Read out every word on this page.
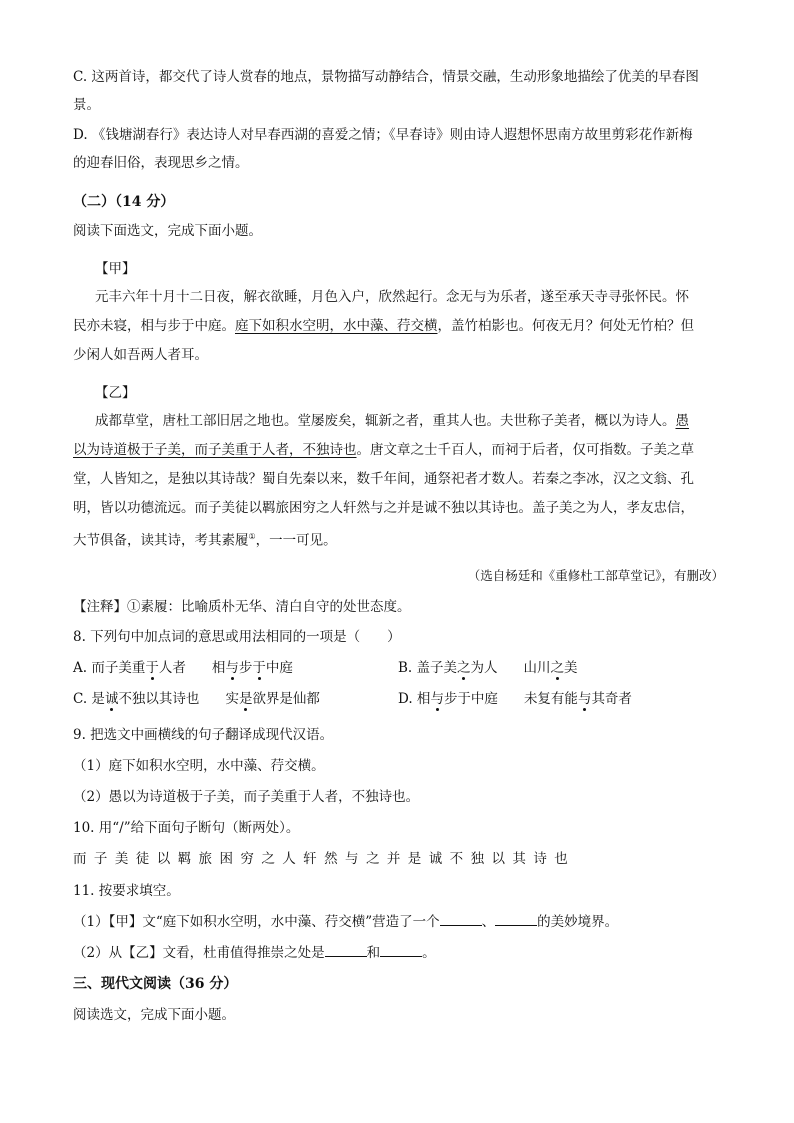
C. 这两首诗，都交代了诗人赏春的地点，景物描写动静结合，情景交融，生动形象地描绘了优美的早春图
景。
D. 《钱塘湖春行》表达诗人对早春西湖的喜爱之情；《早春诗》则由诗人遐想怀思南方故里剪彩花作新梅
的迎春旧俗，表现思乡之情。
（二）（14 分）
阅读下面选文，完成下面小题。
【甲】
元丰六年十月十二日夜，解衣欲睡，月色入户，欣然起行。念无与为乐者，遂至承天寺寻张怀民。怀
民亦未寝，相与步于中庭。庭下如积水空明，水中藻、荇交横，盖竹柏影也。何夜无月？何处无竹柏？但
少闲人如吾两人者耳。
【乙】
成都草堂，唐杜工部旧居之地也。堂屡废矣，辄新之者，重其人也。夫世称子美者，概以为诗人。愚
以为诗道极于子美，而子美重于人者，不独诗也。唐文章之士千百人，而祠于后者，仅可指数。子美之草
堂，人皆知之，是独以其诗哉？蜀自先秦以来，数千年间，通祭祀者才数人。若秦之李冰，汉之文翁、孔
明，皆以功德流远。而子美徒以羁旅困穷之人轩然与之并是诚不独以其诗也。盖子美之为人，孝友忠信，
大节俱备，读其诗，考其素履①，一一可见。
（选自杨廷和《重修杜工部草堂记》，有删改）
【注释】①素履：比喻质朴无华、清白自守的处世态度。
8. 下列句中加点词的意思或用法相同的一项是（　　）
A. 而子美重于人者 相与步于中庭	B. 盖子美之为人 山川之美
C. 是诚不独以其诗也 实是欲界是仙都	D. 相与步于中庭 未复有能与其奇者
9. 把选文中画横线的句子翻译成现代汉语。
（1）庭下如积水空明，水中藻、荇交横。
（2）愚以为诗道极于子美，而子美重于人者，不独诗也。
10. 用“/”给下面句子断句（断两处）。
而子美徒以羁旅困穷之人轩然与之并是诚不独以其诗也
11. 按要求填空。
（1）【甲】文“庭下如积水空明，水中藻、荇交横”营造了一个	、	的美妙境界。
（2）从【乙】文看，杜甫值得推崇之处是	和	。
三、现代文阅读（36 分）
阅读选文，完成下面小题。
